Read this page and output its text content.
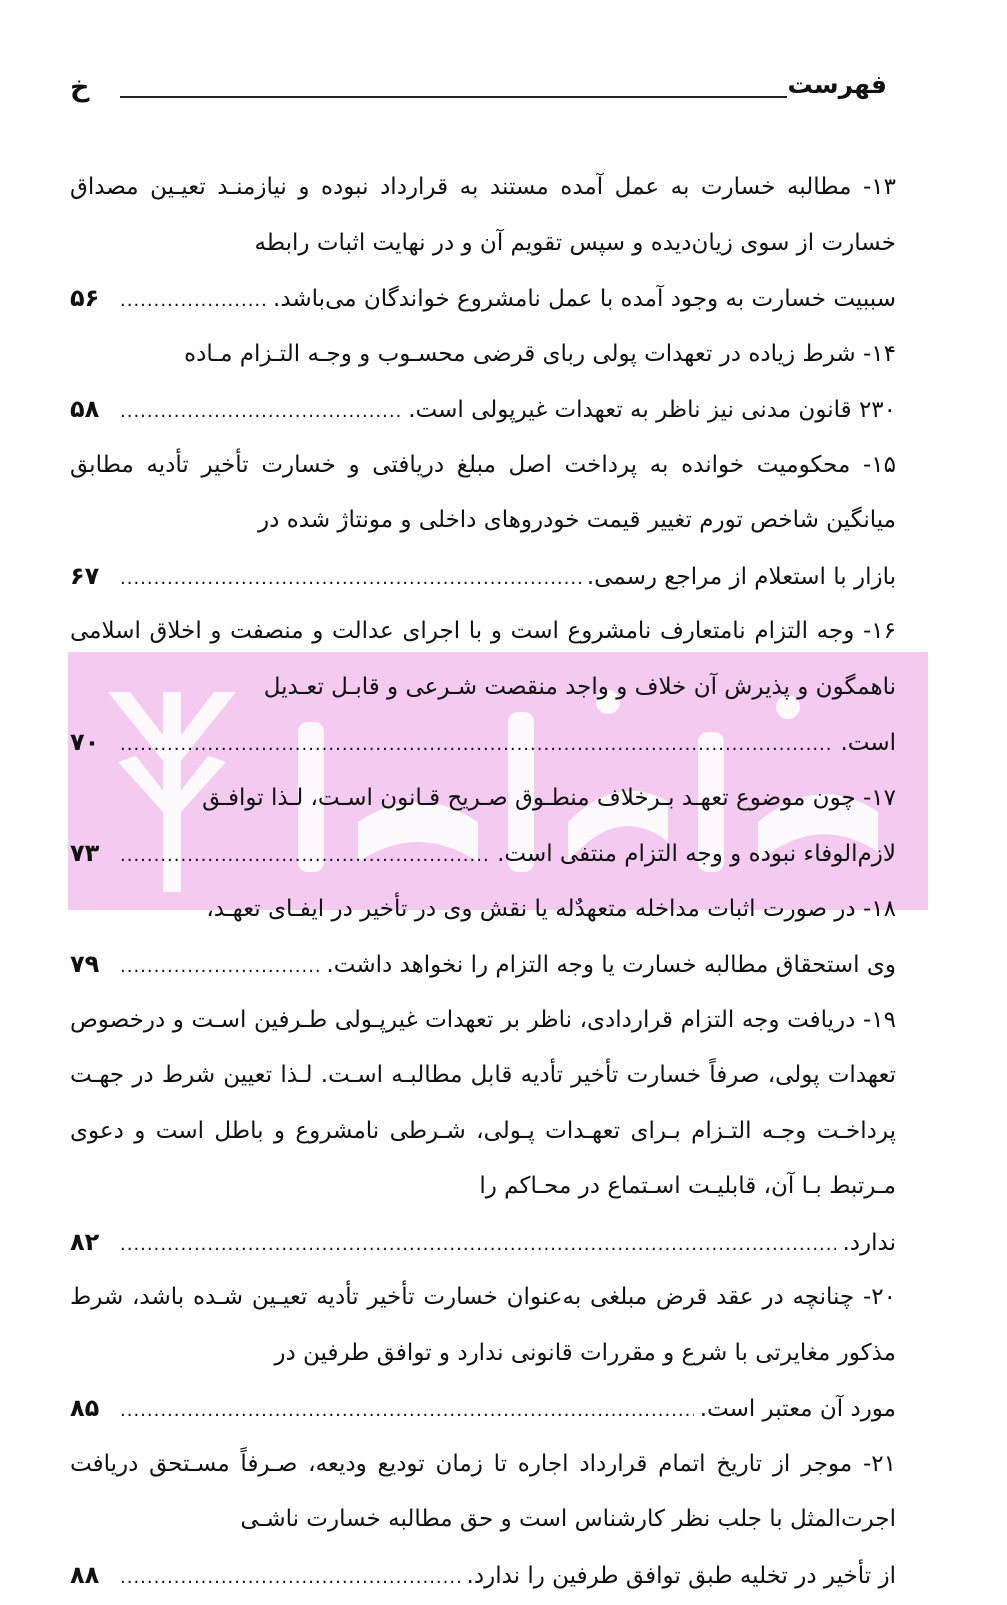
فهرست
خ
۱۳- مطالبه خسارت به عمل آمده مستند به قرارداد نبوده و نیازمنـد تعیـین مصداق خسارت از سوی زیان‌دیده و سپس تقویم آن و در نهایت اثبات رابطه
سببیت خسارت به وجود آمده با عمل نامشروع خواندگان می‌باشد.
.....
۵۶
۱۴- شرط زیاده در تعهدات پولی ربای قرضی محسـوب و وجـه التـزام مـاده
۲۳۰ قانون مدنی نیز ناظر به تعهدات غیرپولی است.
.....
۵۸
۱۵- محکومیت خوانده به پرداخت اصل مبلغ دریافتی و خسارت تأخیر تأدیه مطابق میانگین شاخص تورم تغییر قیمت خودروهای داخلی و مونتاژ شده در
بازار با استعلام از مراجع رسمی.
.....
۶۷
۱۶- وجه التزام نامتعارف نامشروع است و با اجرای عدالت و منصفت و اخلاق اسلامی ناهمگون و پذیرش آن خلاف و واجد منقصت شـرعی و قابـل تعـدیل
است.
.....
۷۰
۱۷- چون موضوع تعهـد بـرخلاف منطـوق صـریح قـانون اسـت، لـذا توافـق
لازم‌الوفاء نبوده و وجه التزام منتفی است.
.....
۷۳
۱۸- در صورت اثبات مداخله متعهدٌله یا نقش وی در تأخیر در ایفـای تعهـد،
وی استحقاق مطالبه خسارت یا وجه التزام را نخواهد داشت.
.....
۷۹
۱۹- دریافت وجه التزام قراردادی، ناظر بر تعهدات غیرپـولی طـرفین اسـت و درخصوص تعهدات پولی، صرفاً خسارت تأخیر تأدیه قابل مطالبـه اسـت. لـذا تعیین شرط در جهـت پرداخـت وجـه التـزام بـرای تعهـدات پـولی، شـرطی نامشروع و باطل است و دعوی مـرتبط بـا آن، قابلیـت اسـتماع در محـاکم را
ندارد.
.....
۸۲
۲۰- چنانچه در عقد قرض مبلغی به‌عنوان خسارت تأخیر تأدیه تعیـین شـده باشد، شرط مذکور مغایرتی با شرع و مقررات قانونی ندارد و توافق طرفین در
مورد آن معتبر است.
.....
۸۵
۲۱- موجر از تاریخ اتمام قرارداد اجاره تا زمان تودیع ودیعه، صـرفاً مسـتحق دریافت اجرت‌المثل با جلب نظر کارشناس است و حق مطالبه خسارت ناشـی
از تأخیر در تخلیه طبق توافق طرفین را ندارد.
.....
۸۸
